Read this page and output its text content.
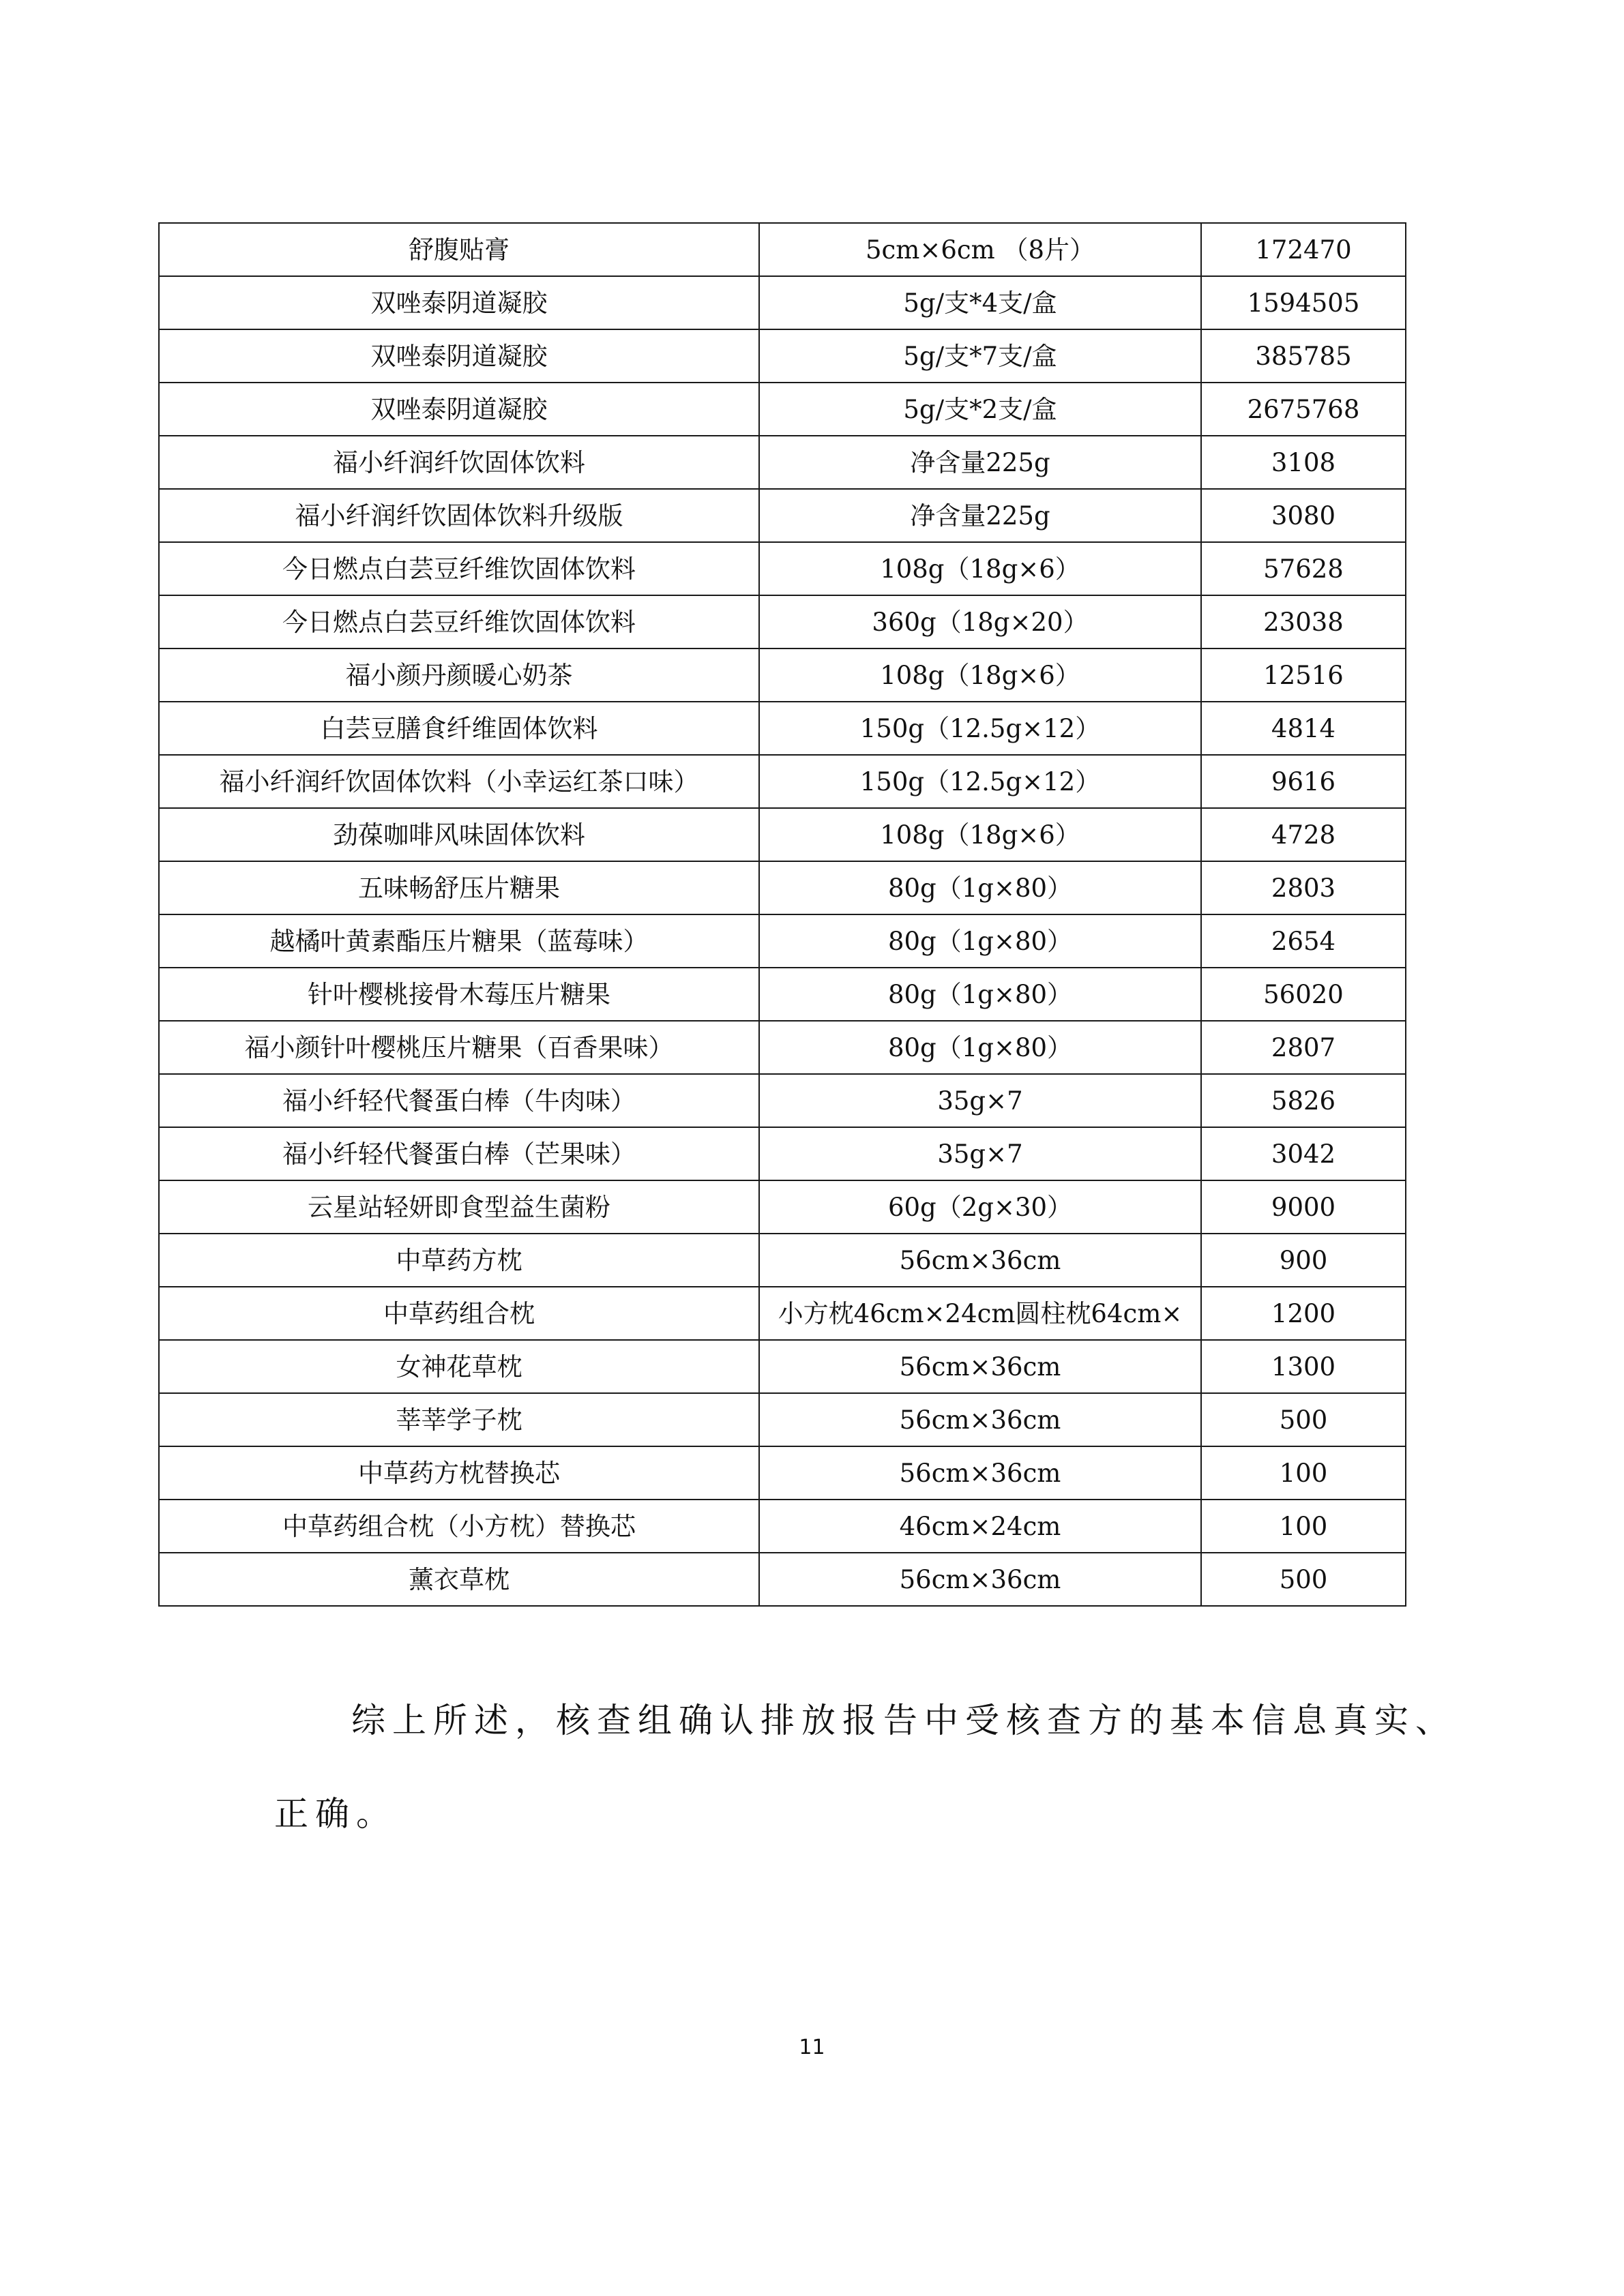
舒腹贴膏	5cm×6cm （8片）	172470
双唑泰阴道凝胶	5g/支*4支/盒	1594505
双唑泰阴道凝胶	5g/支*7支/盒	385785
双唑泰阴道凝胶	5g/支*2支/盒	2675768
福小纤润纤饮固体饮料	净含量225g	3108
福小纤润纤饮固体饮料升级版	净含量225g	3080
今日燃点白芸豆纤维饮固体饮料	108g（18g×6）	57628
今日燃点白芸豆纤维饮固体饮料	360g（18g×20）	23038
福小颜丹颜暖心奶茶	108g（18g×6）	12516
白芸豆膳食纤维固体饮料	150g（12.5g×12）	4814
福小纤润纤饮固体饮料（小幸运红茶口味）	150g（12.5g×12）	9616
劲葆咖啡风味固体饮料	108g（18g×6）	4728
五味畅舒压片糖果	80g（1g×80）	2803
越橘叶黄素酯压片糖果（蓝莓味）	80g（1g×80）	2654
针叶樱桃接骨木莓压片糖果	80g（1g×80）	56020
福小颜针叶樱桃压片糖果（百香果味）	80g（1g×80）	2807
福小纤轻代餐蛋白棒（牛肉味）	35g×7	5826
福小纤轻代餐蛋白棒（芒果味）	35g×7	3042
云星站轻妍即食型益生菌粉	60g（2g×30）	9000
中草药方枕	56cm×36cm	900
中草药组合枕	小方枕46cm×24cm圆柱枕64cm×	1200
女神花草枕	56cm×36cm	1300
莘莘学子枕	56cm×36cm	500
中草药方枕替换芯	56cm×36cm	100
中草药组合枕（小方枕）替换芯	46cm×24cm	100
薰衣草枕	56cm×36cm	500
综上所述，核查组确认排放报告中受核查方的基本信息真实、
正确。
11
